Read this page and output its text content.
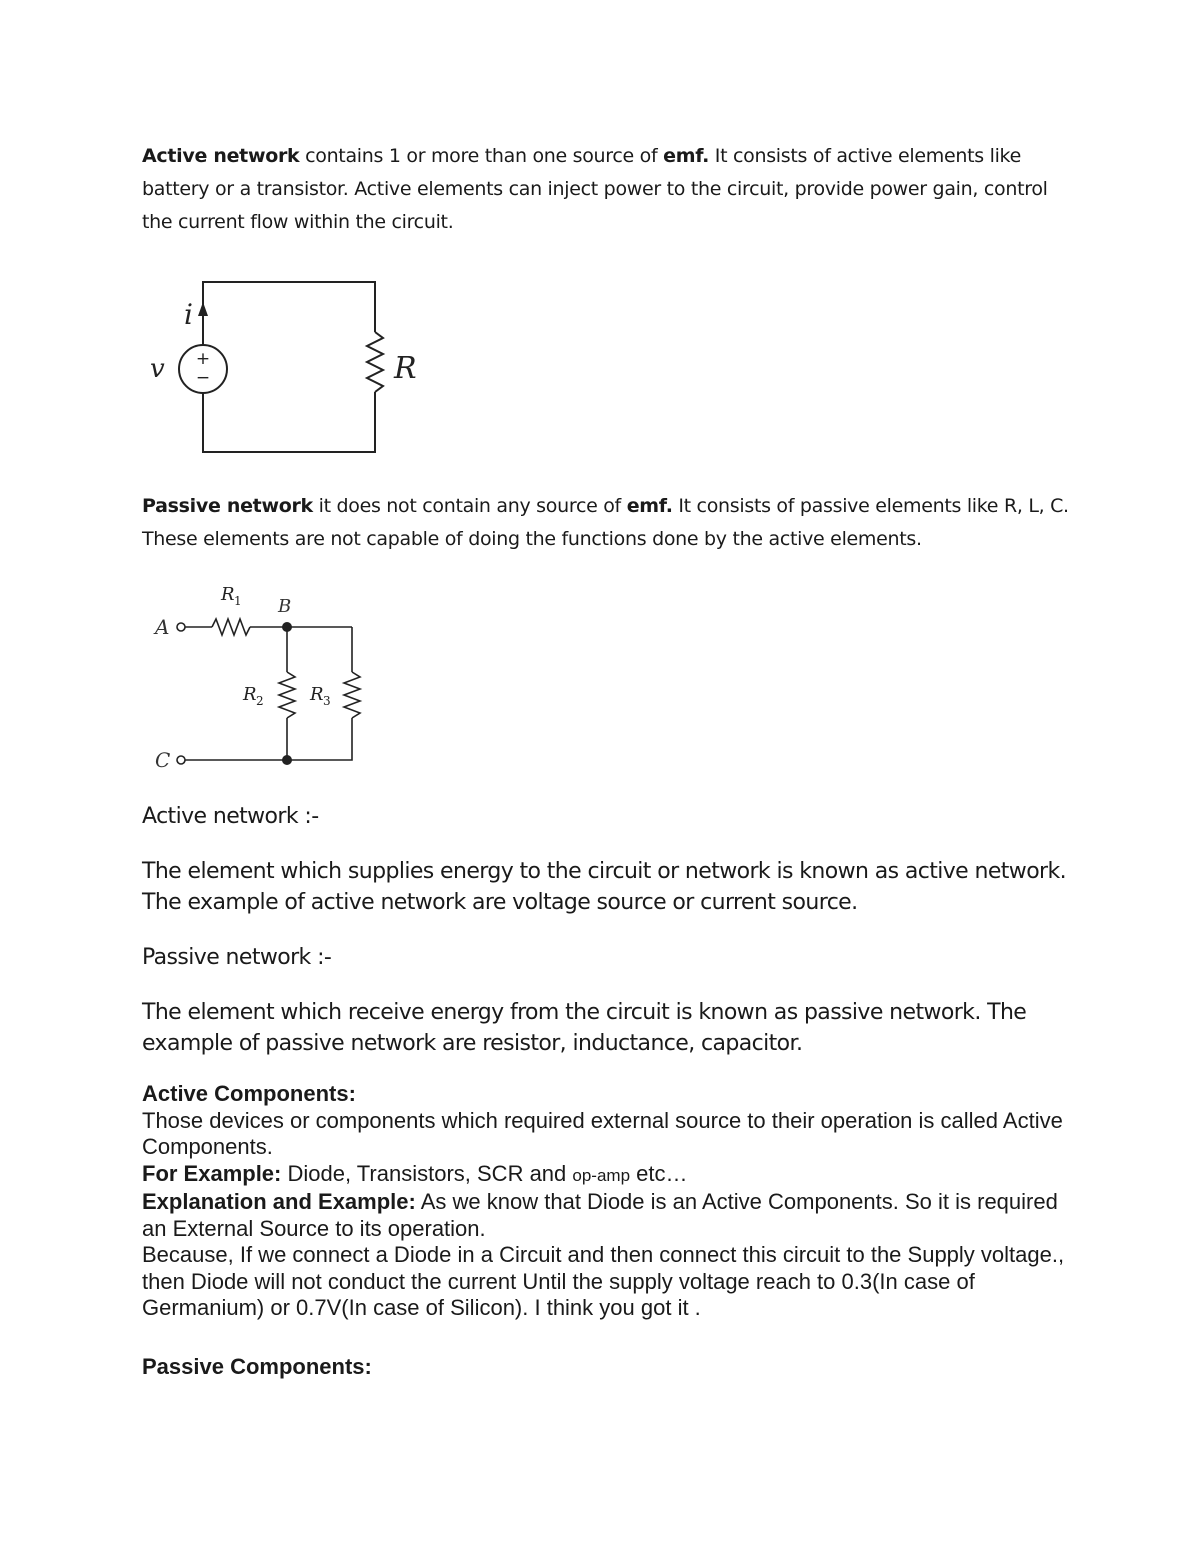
Active network contains 1 or more than one source of emf. It consists of active elements like battery or a transistor. Active elements can inject power to the circuit, provide power gain, control the current flow within the circuit.
i
v +
−	R
Passive network it does not contain any source of emf. It consists of passive elements like R, L, C. These elements are not capable of doing the functions done by the active elements.
A
B
C
R 1
R 2	R 3
Active network :-
The element which supplies energy to the circuit or network is known as active network. The example of active network are voltage source or current source.
Passive network :-
The element which receive energy from the circuit is known as passive network. The example of passive network are resistor, inductance, capacitor.
Active Components:
Those devices or components which required external source to their operation is called Active Components.
For Example: Diode, Transistors, SCR and op-amp etc…
Explanation and Example: As we know that Diode is an Active Components. So it is required an External Source to its operation.
Because, If we connect a Diode in a Circuit and then connect this circuit to the Supply voltage., then Diode will not conduct the current Until the supply voltage reach to 0.3(In case of Germanium) or 0.7V(In case of Silicon). I think you got it .
Passive Components:
